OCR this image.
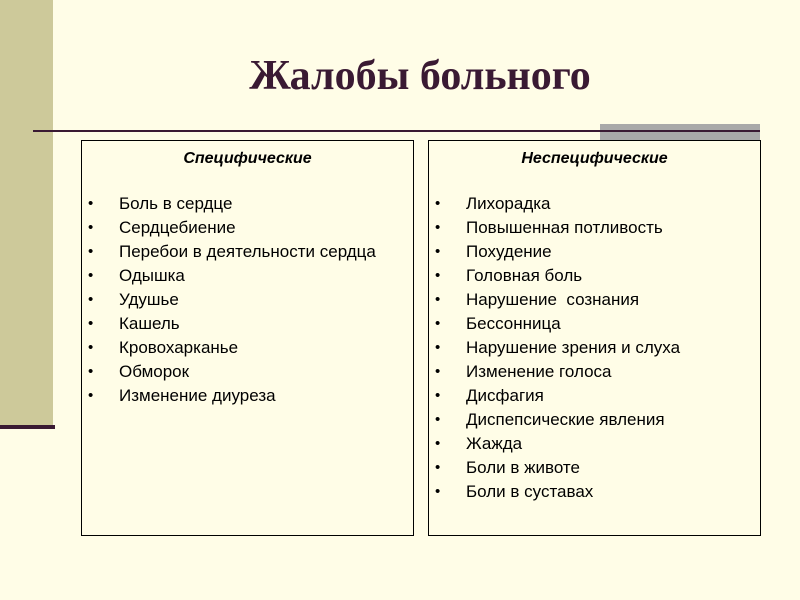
Жалобы больного
Специфические
• Боль в сердце
• Сердцебиение
• Перебои в деятельности сердца
• Одышка
• Удушье
• Кашель
• Кровохарканье
• Обморок
• Изменение диуреза
Неспецифические
• Лихорадка
• Повышенная потливость
• Похудение
• Головная боль
• Нарушение  сознания
• Бессонница
• Нарушение зрения и слуха
• Изменение голоса
• Дисфагия
• Диспепсические явления
• Жажда
• Боли в животе
• Боли в суставах
